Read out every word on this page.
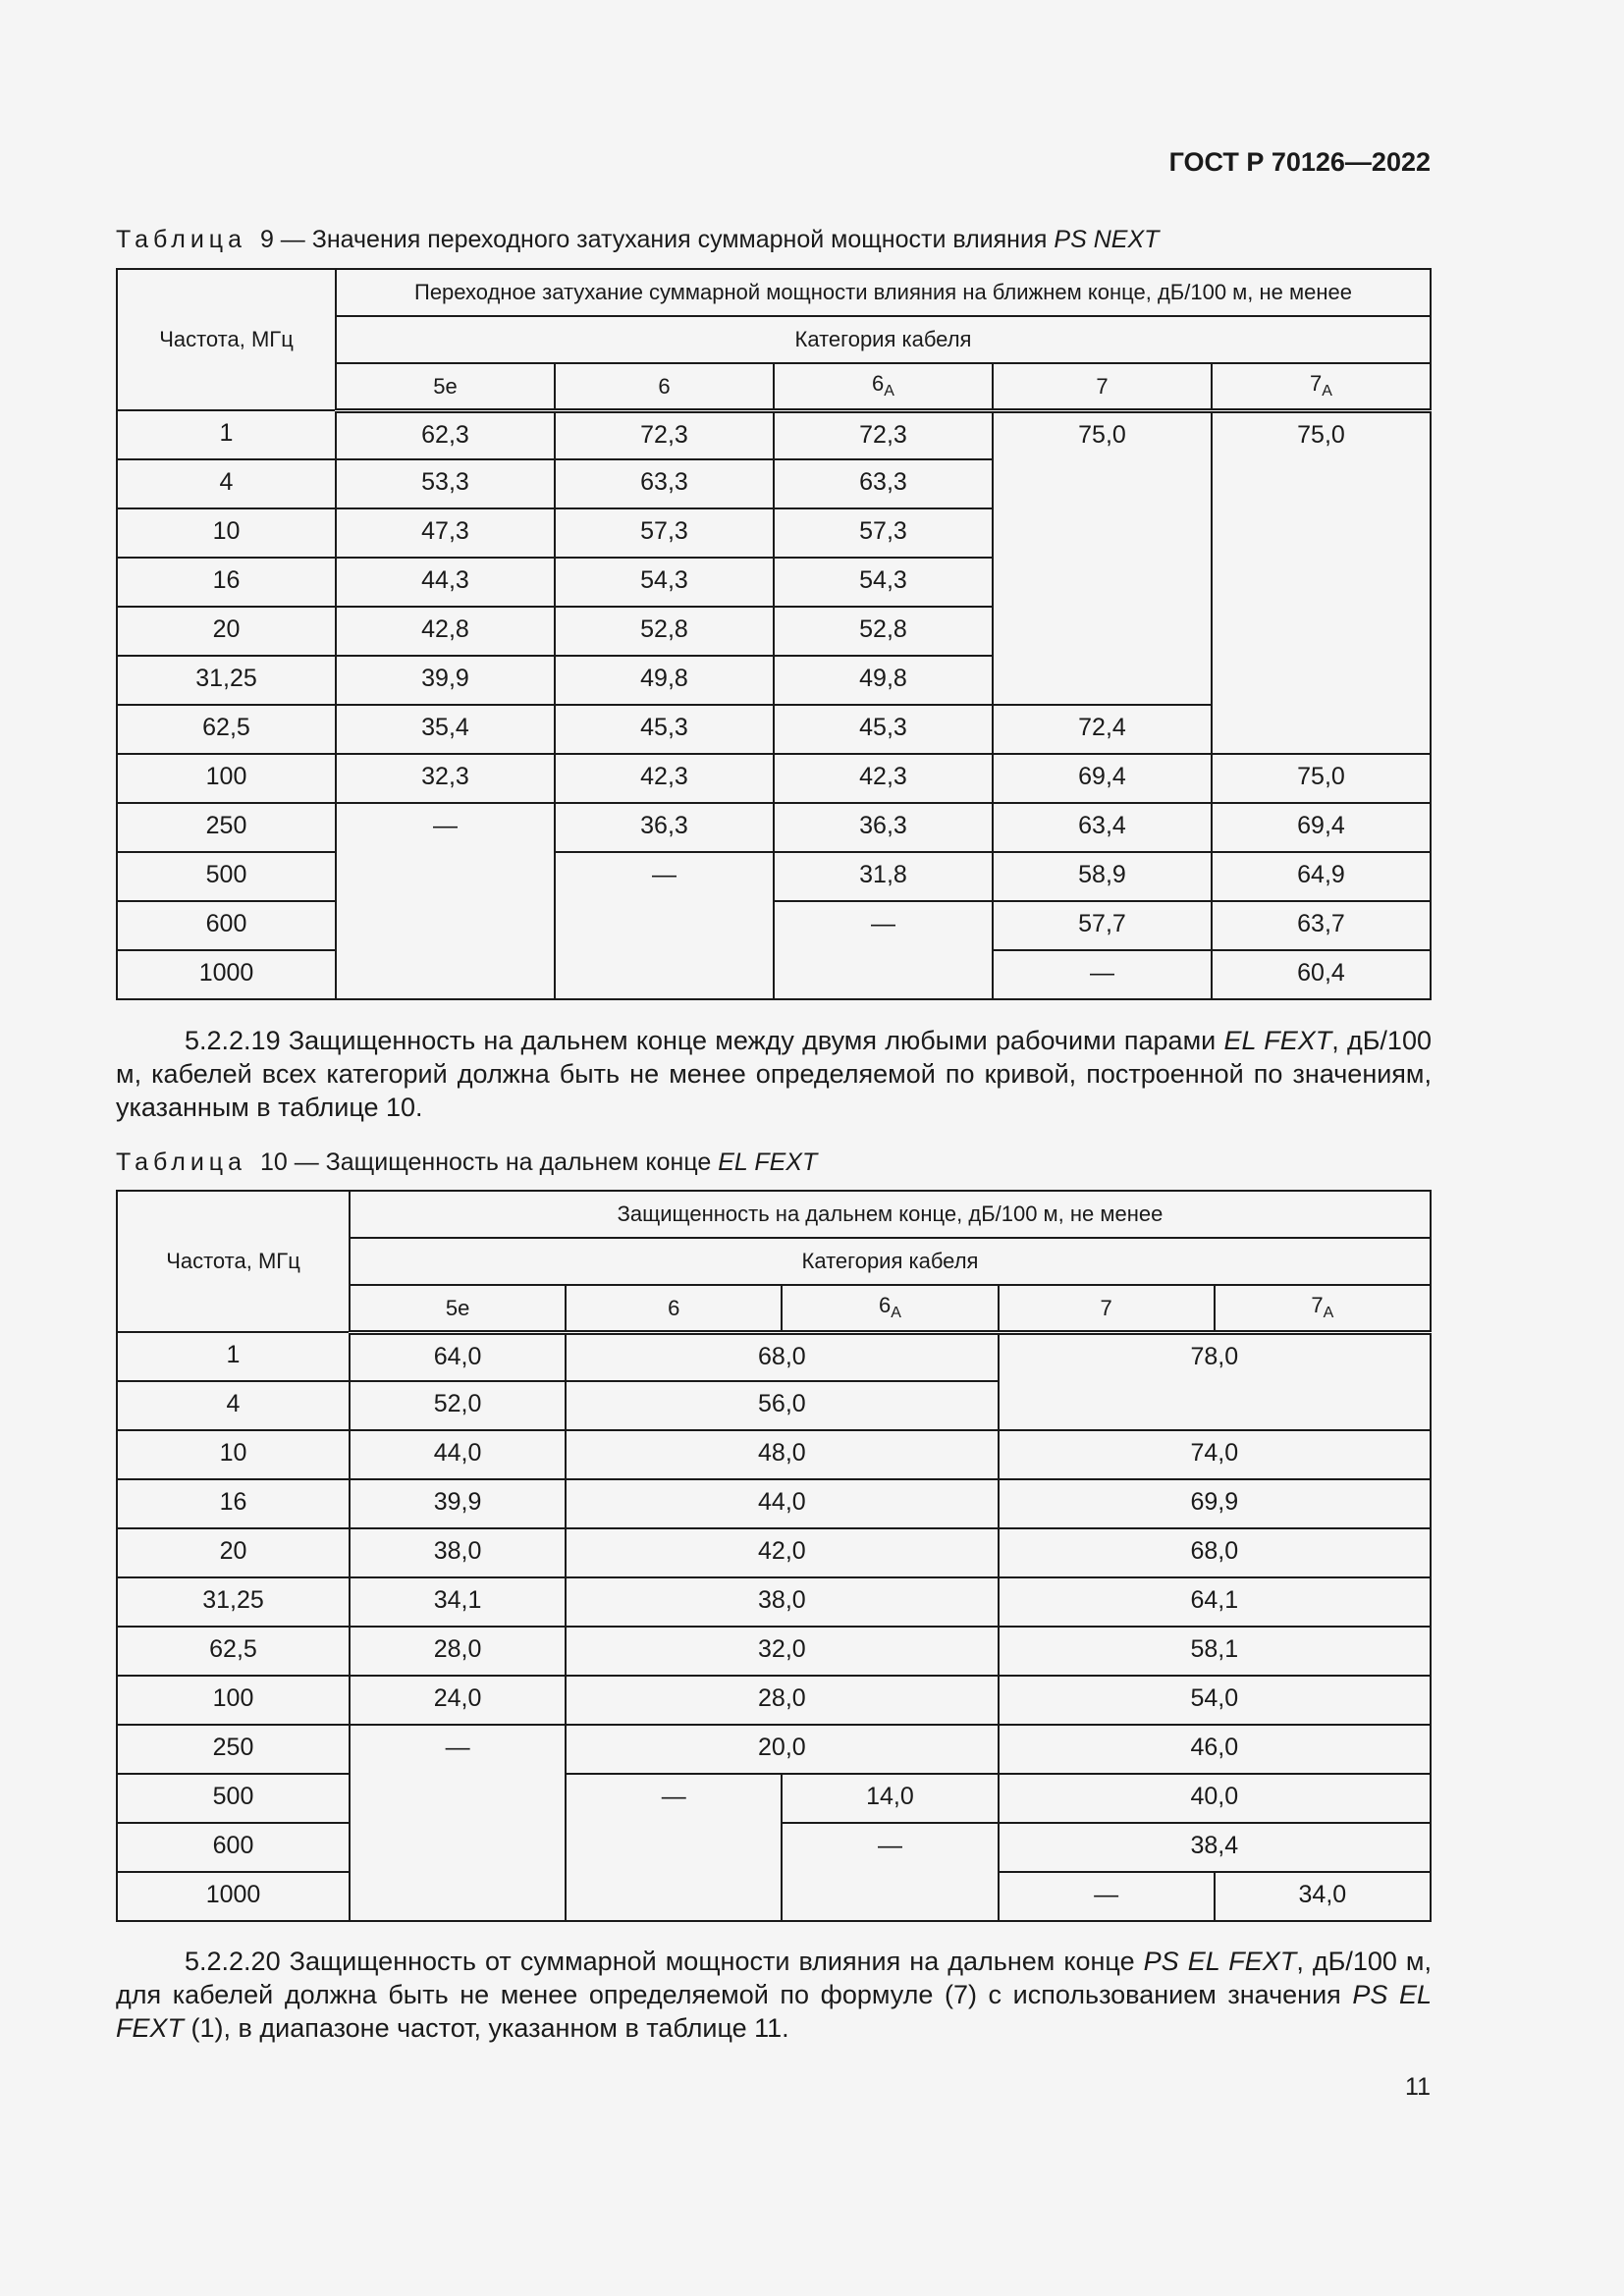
ГОСТ Р 70126—2022
Таблица 9 — Значения переходного затухания суммарной мощности влияния PS NEXT
Частота, МГц	Переходное затухание суммарной мощности влияния на ближнем конце, дБ/100 м, не менее				
	Категория кабеля				
	5e	6	$6_A$	7	$7_A$
1	62,3	72,3	72,3	75,0	75,0
4	53,3	63,3	63,3		
10	47,3	57,3	57,3		
16	44,3	54,3	54,3		
20	42,8	52,8	52,8		
31,25	39,9	49,8	49,8		
62,5	35,4	45,3	45,3	72,4	
100	32,3	42,3	42,3	69,4	75,0
250	—	36,3	36,3	63,4	69,4
500		—	31,8	58,9	64,9
600			—	57,7	63,7
1000				—	60,4
5.2.2.19 Защищенность на дальнем конце между двумя любыми рабочими парами EL FEXT, дБ/100 м, кабелей всех категорий должна быть не менее определяемой по кривой, построенной по значениям, указанным в таблице 10.
Таблица 10 — Защищенность на дальнем конце EL FEXT
Частота, МГц	Защищенность на дальнем конце, дБ/100 м, не менее				
	Категория кабеля				
	5e	6	$6_A$	7	$7_A$
1	64,0	68,0		78,0	
4	52,0	56,0			
10	44,0	48,0		74,0	
16	39,9	44,0		69,9	
20	38,0	42,0		68,0	
31,25	34,1	38,0		64,1	
62,5	28,0	32,0		58,1	
100	24,0	28,0		54,0	
250	—	20,0		46,0	
500		—	14,0	40,0	
600			—	38,4	
1000				—	34,0
5.2.2.20 Защищенность от суммарной мощности влияния на дальнем конце PS EL FEXT, дБ/100 м, для кабелей должна быть не менее определяемой по формуле (7) с использованием значения PS EL FEXT (1), в диапазоне частот, указанном в таблице 11.
11
